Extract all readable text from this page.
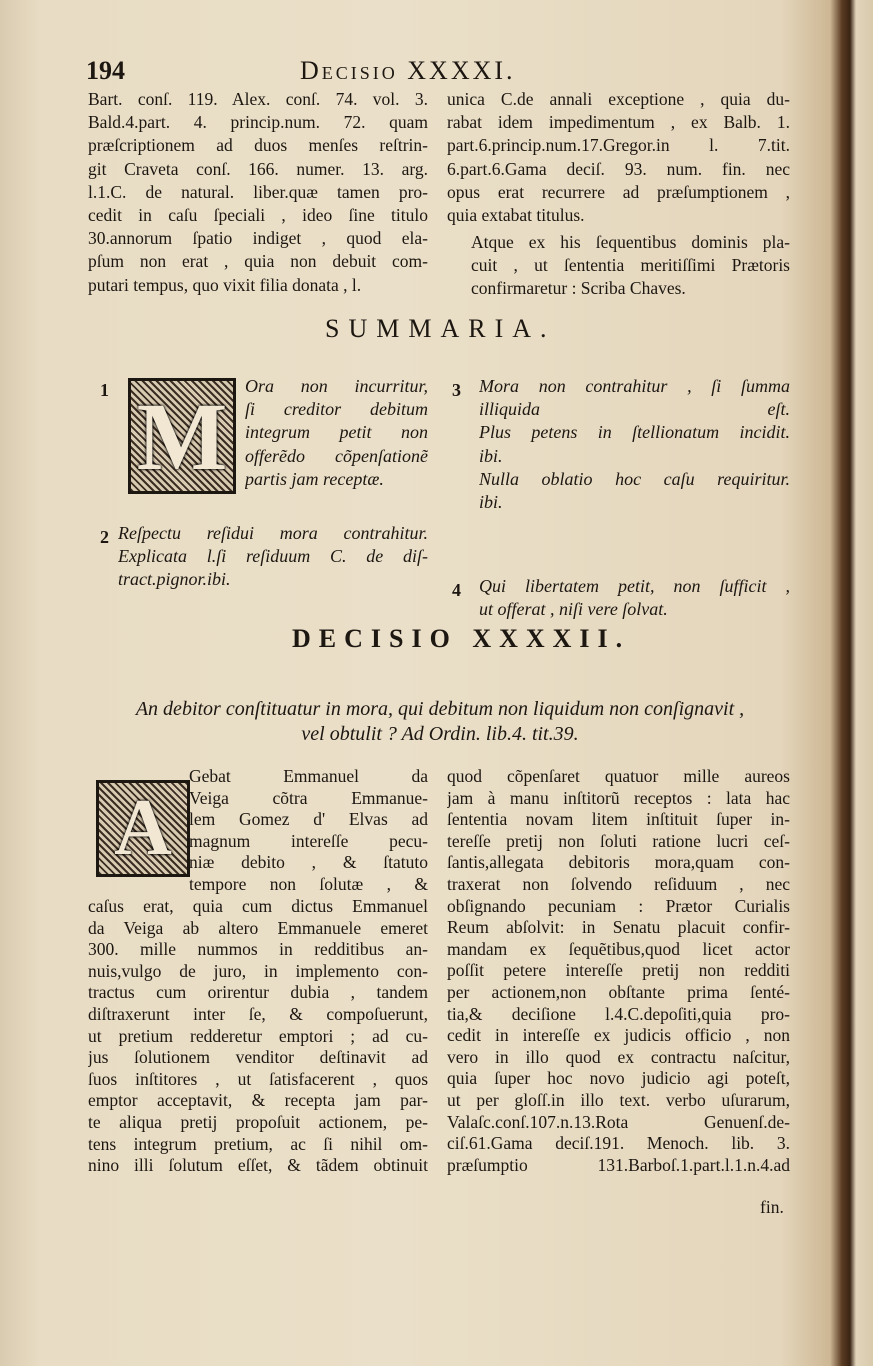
194	Decisio XXXXI.
Bart. conſ. 119. Alex. conſ. 74. vol. 3.
Bald.4.part. 4. princip.num. 72. quam
præſcriptionem ad duos menſes reſtrin-
git Craveta conſ. 166. numer. 13. arg.
l.1.C. de natural. liber.quæ tamen pro-
cedit in caſu ſpeciali , ideo ſine titulo
30.annorum ſpatio indiget , quod ela-
pſum non erat , quia non debuit com-
putari tempus, quo vixit filia donata , l.
unica C.de annali exceptione , quia du-
rabat idem impedimentum , ex Balb. 1.
part.6.princip.num.17.Gregor.in l. 7.tit.
6.part.6.Gama deciſ. 93. num. fin. nec
opus erat recurrere ad præſumptionem ,
quia extabat titulus.
Atque ex his ſequentibus dominis pla-
cuit , ut ſententia meritiſſimi Prætoris
confirmaretur : Scriba Chaves.
SUMMARIA.
M
1	Ora non incurritur,
ſi creditor debitum
integrum petit non
offerẽdo cõpenſationẽ
partis jam receptæ.
2 Reſpectu reſidui mora contrahitur.
Explicata l.ſi reſiduum C. de diſ-
tract.pignor.ibi.
3 Mora non contrahitur , ſi ſumma
illiquida eſt.
Plus petens in ſtellionatum incidit.
ibi.
Nulla oblatio hoc caſu requiritur.
ibi.
4 Qui libertatem petit, non ſufficit ,
ut offerat , niſi vere ſolvat.
DECISIO XXXXII.
An debitor conſtituatur in mora, qui debitum non liquidum non conſignavit ,
vel obtulit ? Ad Ordin. lib.4. tit.39.
A
Gebat Emmanuel da
Veiga cõtra Emmanue-
lem Gomez d' Elvas ad
magnum intereſſe pecu-
niæ debito , & ſtatuto
tempore non ſolutæ , &
caſus erat, quia cum dictus Emmanuel
da Veiga ab altero Emmanuele emeret
300. mille nummos in redditibus an-
nuis,vulgo de juro, in implemento con-
tractus cum orirentur dubia , tandem
diſtraxerunt inter ſe, & compoſuerunt,
ut pretium redderetur emptori ; ad cu-
jus ſolutionem venditor deſtinavit ad
ſuos inſtitores , ut ſatisfacerent , quos
emptor acceptavit, & recepta jam par-
te aliqua pretij propoſuit actionem, pe-
tens integrum pretium, ac ſi nihil om-
nino illi ſolutum eſſet, & tãdem obtinuit
quod cõpenſaret quatuor mille aureos
jam à manu inſtitorũ receptos : lata hac
ſententia novam litem inſtituit ſuper in-
tereſſe pretij non ſoluti ratione lucri ceſ-
ſantis,allegata debitoris mora,quam con-
traxerat non ſolvendo reſiduum , nec
obſignando pecuniam : Prætor Curialis
Reum abſolvit: in Senatu placuit confir-
mandam ex ſequẽtibus,quod licet actor
poſſit petere intereſſe pretij non redditi
per actionem,non obſtante prima ſenté-
tia,& deciſione l.4.C.depoſiti,quia pro-
cedit in intereſſe ex judicis officio , non
vero in illo quod ex contractu naſcitur,
quia ſuper hoc novo judicio agi poteſt,
ut per gloſſ.in illo text. verbo uſurarum,
Valaſc.conſ.107.n.13.Rota Genuenſ.de-
ciſ.61.Gama deciſ.191. Menoch. lib. 3.
præſumptio 131.Barboſ.1.part.l.1.n.4.ad
fin.
